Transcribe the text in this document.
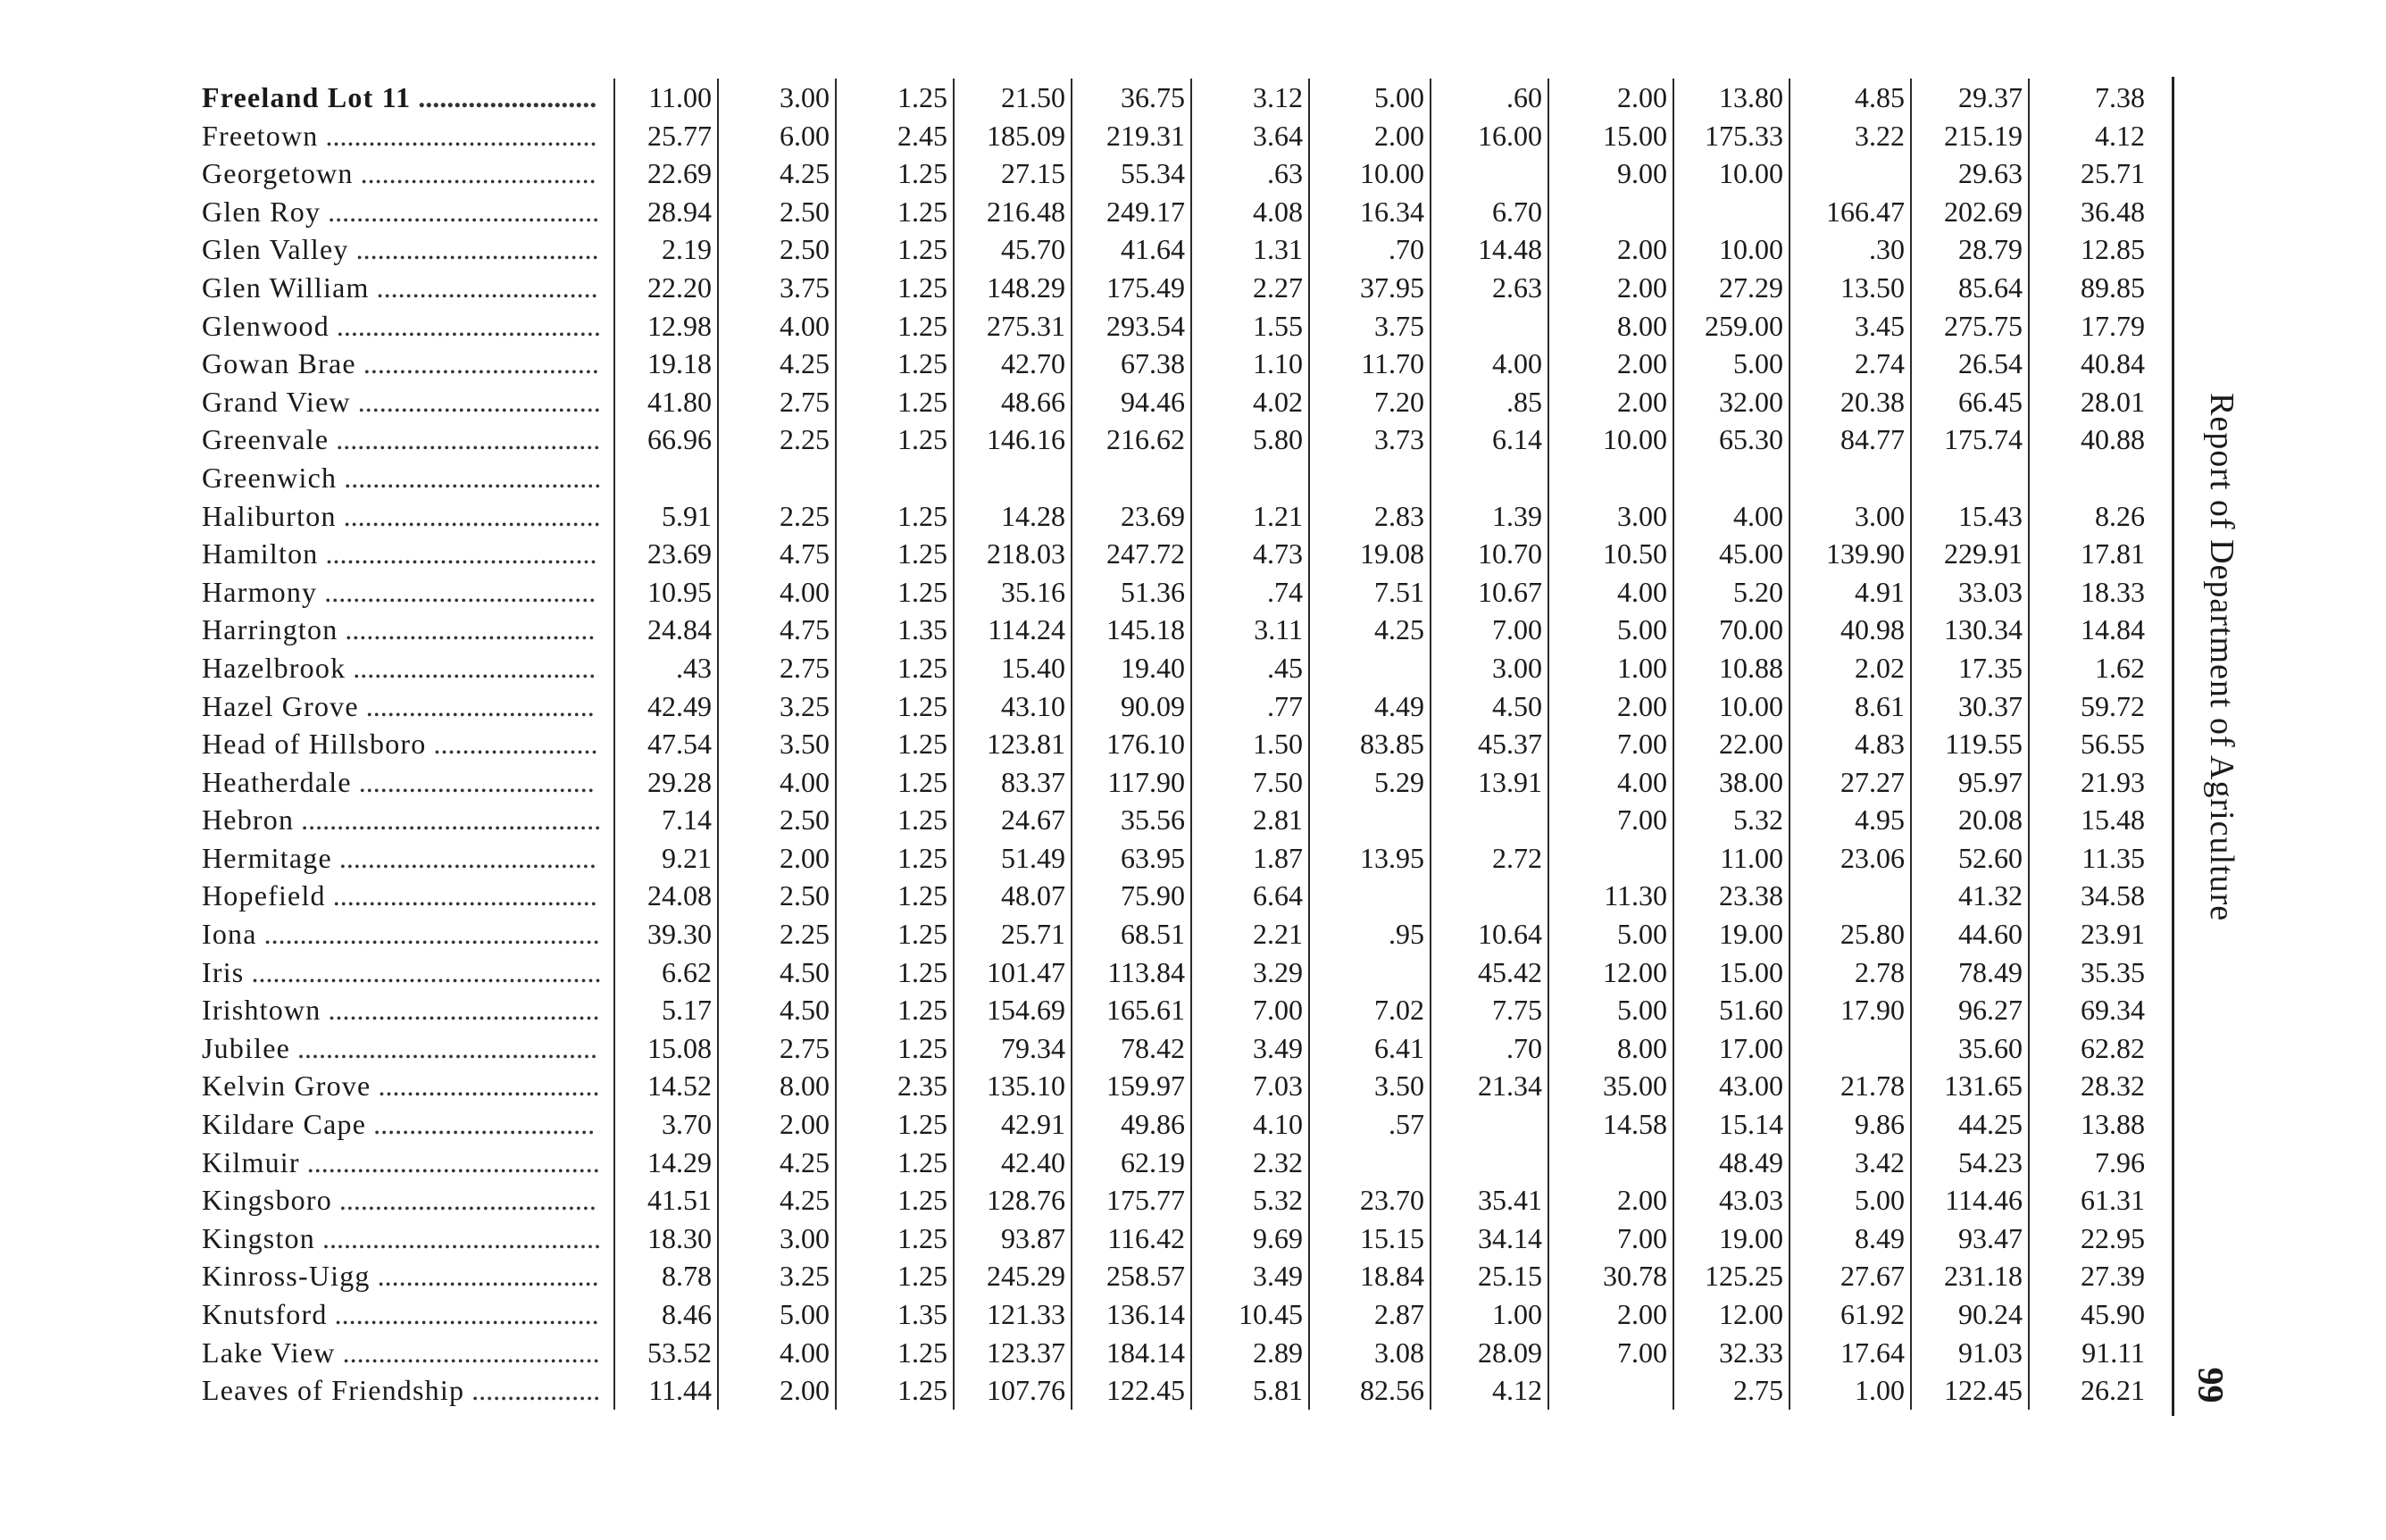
Freeland Lot 11 .........................	11.00	3.00	1.25	21.50	36.75	3.12	5.00	.60	2.00	13.80	4.85	29.37	7.38
Freetown ......................................	25.77	6.00	2.45	185.09	219.31	3.64	2.00	16.00	15.00	175.33	3.22	215.19	4.12
Georgetown .................................	22.69	4.25	1.25	27.15	55.34	.63	10.00		9.00	10.00		29.63	25.71
Glen Roy ......................................	28.94	2.50	1.25	216.48	249.17	4.08	16.34	6.70			166.47	202.69	36.48
Glen Valley ..................................	2.19	2.50	1.25	45.70	41.64	1.31	.70	14.48	2.00	10.00	.30	28.79	12.85
Glen William ...............................	22.20	3.75	1.25	148.29	175.49	2.27	37.95	2.63	2.00	27.29	13.50	85.64	89.85
Glenwood .....................................	12.98	4.00	1.25	275.31	293.54	1.55	3.75		8.00	259.00	3.45	275.75	17.79
Gowan Brae .................................	19.18	4.25	1.25	42.70	67.38	1.10	11.70	4.00	2.00	5.00	2.74	26.54	40.84
Grand View ..................................	41.80	2.75	1.25	48.66	94.46	4.02	7.20	.85	2.00	32.00	20.38	66.45	28.01
Greenvale .....................................	66.96	2.25	1.25	146.16	216.62	5.80	3.73	6.14	10.00	65.30	84.77	175.74	40.88
Greenwich ....................................													
Haliburton ....................................	5.91	2.25	1.25	14.28	23.69	1.21	2.83	1.39	3.00	4.00	3.00	15.43	8.26
Hamilton ......................................	23.69	4.75	1.25	218.03	247.72	4.73	19.08	10.70	10.50	45.00	139.90	229.91	17.81
Harmony ......................................	10.95	4.00	1.25	35.16	51.36	.74	7.51	10.67	4.00	5.20	4.91	33.03	18.33
Harrington ...................................	24.84	4.75	1.35	114.24	145.18	3.11	4.25	7.00	5.00	70.00	40.98	130.34	14.84
Hazelbrook ..................................	.43	2.75	1.25	15.40	19.40	.45		3.00	1.00	10.88	2.02	17.35	1.62
Hazel Grove ................................	42.49	3.25	1.25	43.10	90.09	.77	4.49	4.50	2.00	10.00	8.61	30.37	59.72
Head of Hillsboro .......................	47.54	3.50	1.25	123.81	176.10	1.50	83.85	45.37	7.00	22.00	4.83	119.55	56.55
Heatherdale .................................	29.28	4.00	1.25	83.37	117.90	7.50	5.29	13.91	4.00	38.00	27.27	95.97	21.93
Hebron ..........................................	7.14	2.50	1.25	24.67	35.56	2.81			7.00	5.32	4.95	20.08	15.48
Hermitage ....................................	9.21	2.00	1.25	51.49	63.95	1.87	13.95	2.72		11.00	23.06	52.60	11.35
Hopefield .....................................	24.08	2.50	1.25	48.07	75.90	6.64			11.30	23.38		41.32	34.58
Iona ...............................................	39.30	2.25	1.25	25.71	68.51	2.21	.95	10.64	5.00	19.00	25.80	44.60	23.91
Iris .................................................	6.62	4.50	1.25	101.47	113.84	3.29		45.42	12.00	15.00	2.78	78.49	35.35
Irishtown ......................................	5.17	4.50	1.25	154.69	165.61	7.00	7.02	7.75	5.00	51.60	17.90	96.27	69.34
Jubilee ..........................................	15.08	2.75	1.25	79.34	78.42	3.49	6.41	.70	8.00	17.00		35.60	62.82
Kelvin Grove ...............................	14.52	8.00	2.35	135.10	159.97	7.03	3.50	21.34	35.00	43.00	21.78	131.65	28.32
Kildare Cape ...............................	3.70	2.00	1.25	42.91	49.86	4.10	.57		14.58	15.14	9.86	44.25	13.88
Kilmuir .........................................	14.29	4.25	1.25	42.40	62.19	2.32				48.49	3.42	54.23	7.96
Kingsboro ....................................	41.51	4.25	1.25	128.76	175.77	5.32	23.70	35.41	2.00	43.03	5.00	114.46	61.31
Kingston .......................................	18.30	3.00	1.25	93.87	116.42	9.69	15.15	34.14	7.00	19.00	8.49	93.47	22.95
Kinross-Uigg ...............................	8.78	3.25	1.25	245.29	258.57	3.49	18.84	25.15	30.78	125.25	27.67	231.18	27.39
Knutsford .....................................	8.46	5.00	1.35	121.33	136.14	10.45	2.87	1.00	2.00	12.00	61.92	90.24	45.90
Lake View ....................................	53.52	4.00	1.25	123.37	184.14	2.89	3.08	28.09	7.00	32.33	17.64	91.03	91.11
Leaves of Friendship ..................	11.44	2.00	1.25	107.76	122.45	5.81	82.56	4.12		2.75	1.00	122.45	26.21
Report of Department of Agriculture
99
